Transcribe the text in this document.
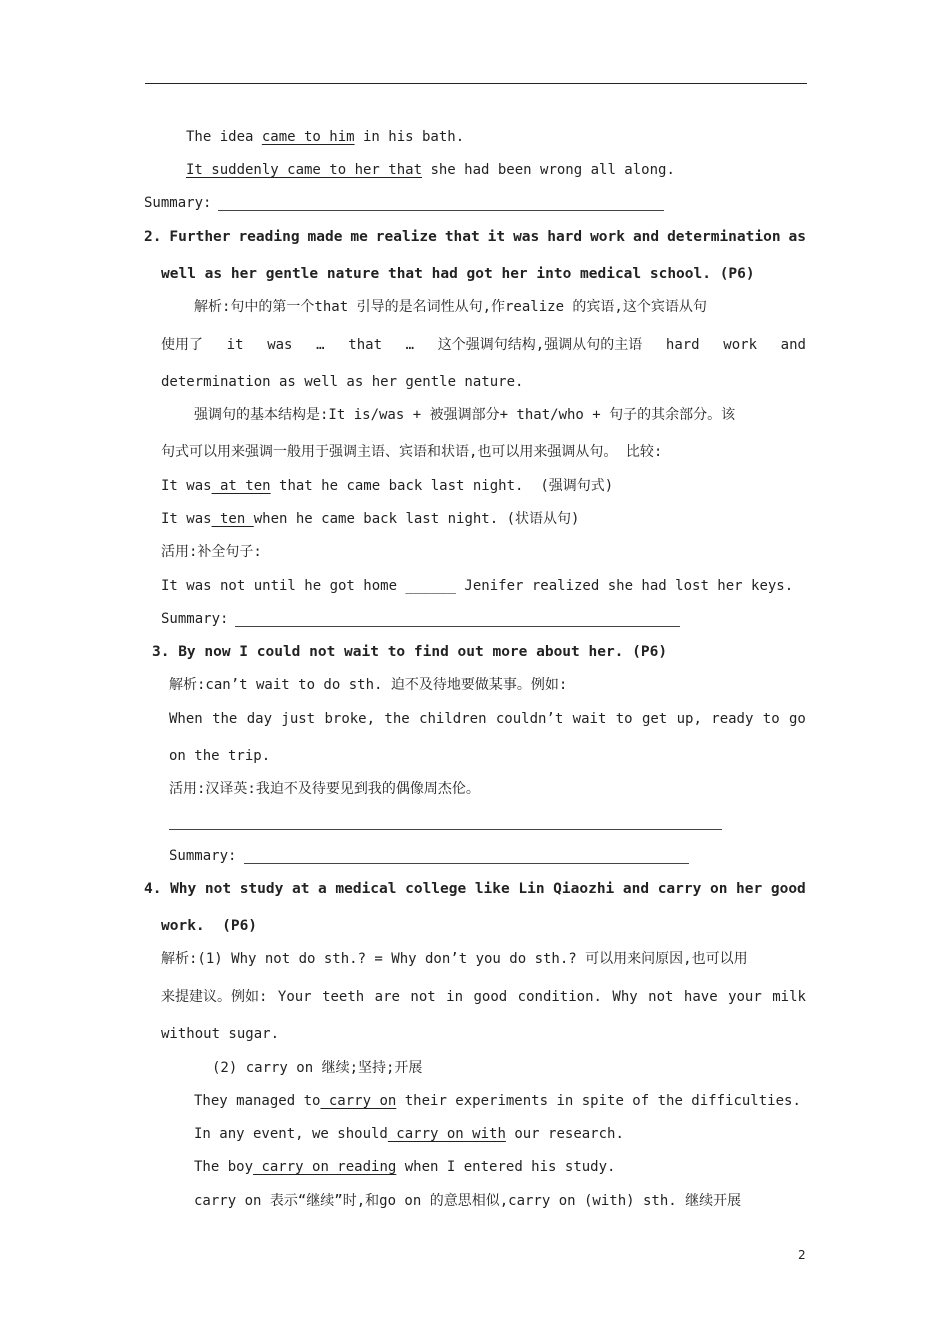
The idea came to him in his bath.
It suddenly came to her that she had been wrong all along.
Summary:
2. Further reading made me realize that it was hard work and determination as
well as her gentle nature that had got her into medical school. (P6)
解析:句中的第一个that 引导的是名词性从句,作realize 的宾语,这个宾语从句
使用了 it was … that … 这个强调句结构,强调从句的主语 hard work and
determination as well as her gentle nature.
强调句的基本结构是:It is/was + 被强调部分+ that/who + 句子的其余部分。该
句式可以用来强调一般用于强调主语、宾语和状语,也可以用来强调从句。 比较:
It was at ten that he came back last night.  (强调句式)
It was ten when he came back last night. (状语从句)
活用:补全句子:
It was not until he got home ______ Jenifer realized she had lost her keys.
Summary:
3. By now I could not wait to find out more about her. (P6)
解析:can’t wait to do sth. 迫不及待地要做某事。例如:
When the day just broke, the children couldn’t wait to get up, ready to go
on the trip.
活用:汉译英:我迫不及待要见到我的偶像周杰伦。
Summary:
4. Why not study at a medical college like Lin Qiaozhi and carry on her good
work.  (P6)
解析:(1) Why not do sth.? = Why don’t you do sth.? 可以用来问原因,也可以用
来提建议。例如: Your teeth are not in good condition. Why not have your milk
without sugar.
(2) carry on 继续;坚持;开展
They managed to carry on their experiments in spite of the difficulties.
In any event, we should carry on with our research.
The boy carry on reading when I entered his study.
carry on 表示“继续”时,和go on 的意思相似,carry on (with) sth. 继续开展
2
